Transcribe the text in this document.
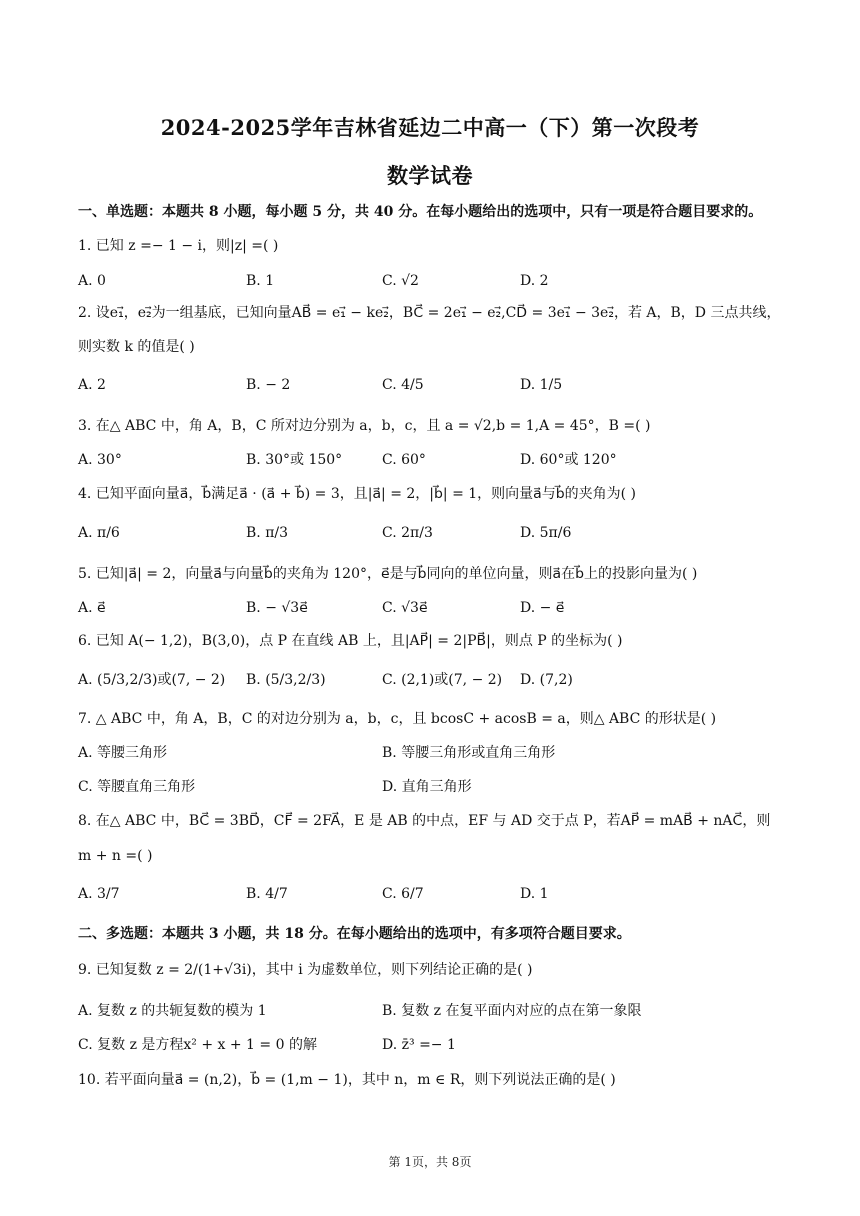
2024-2025学年吉林省延边二中高一（下）第一次段考
数学试卷
一、单选题：本题共 8 小题，每小题 5 分，共 40 分。在每小题给出的选项中，只有一项是符合题目要求的。
1. 已知 z =− 1 − i，则|z| =( )
A. 0	B. 1	C. √2	D. 2
2. 设e₁⃗，e₂⃗为一组基底，已知向量AB⃗ = e₁⃗ − ke₂⃗，BC⃗ = 2e₁⃗ − e₂⃗,CD⃗ = 3e₁⃗ − 3e₂⃗，若 A，B，D 三点共线，
则实数 k 的值是( )
A. 2	B. − 2	C. 4/5	D. 1/5
3. 在△ ABC 中，角 A，B，C 所对边分别为 a，b，c，且 a = √2,b = 1,A = 45°，B =( )
A. 30°	B. 30°或 150°	C. 60°	D. 60°或 120°
4. 已知平面向量a⃗，b⃗满足a⃗ · (a⃗ + b⃗) = 3，且|a⃗| = 2，|b⃗| = 1，则向量a⃗与b⃗的夹角为( )
A. π/6	B. π/3	C. 2π/3	D. 5π/6
5. 已知|a⃗| = 2，向量a⃗与向量b⃗的夹角为 120°，e⃗是与b⃗同向的单位向量，则a⃗在b⃗上的投影向量为( )
A. e⃗	B. − √3e⃗	C. √3e⃗	D. − e⃗
6. 已知 A(− 1,2)，B(3,0)，点 P 在直线 AB 上，且|AP⃗| = 2|PB⃗|，则点 P 的坐标为( )
A. (5/3,2/3)或(7, − 2) B. (5/3,2/3)	C. (2,1)或(7, − 2) D. (7,2)
7. △ ABC 中，角 A，B，C 的对边分别为 a，b，c，且 bcosC + acosB = a，则△ ABC 的形状是( )
A. 等腰三角形	B. 等腰三角形或直角三角形
C. 等腰直角三角形	D. 直角三角形
8. 在△ ABC 中，BC⃗ = 3BD⃗，CF⃗ = 2FA⃗，E 是 AB 的中点，EF 与 AD 交于点 P，若AP⃗ = mAB⃗ + nAC⃗，则
m + n =( )
A. 3/7	B. 4/7	C. 6/7	D. 1
二、多选题：本题共 3 小题，共 18 分。在每小题给出的选项中，有多项符合题目要求。
9. 已知复数 z = 2/(1+√3i)，其中 i 为虚数单位，则下列结论正确的是( )
A. 复数 z 的共轭复数的模为 1	B. 复数 z 在复平面内对应的点在第一象限
C. 复数 z 是方程x² + x + 1 = 0 的解	D. z̄³ =− 1
10. 若平面向量a⃗ = (n,2)，b⃗ = (1,m − 1)，其中 n，m ∈ R，则下列说法正确的是( )
第 1页，共 8页
